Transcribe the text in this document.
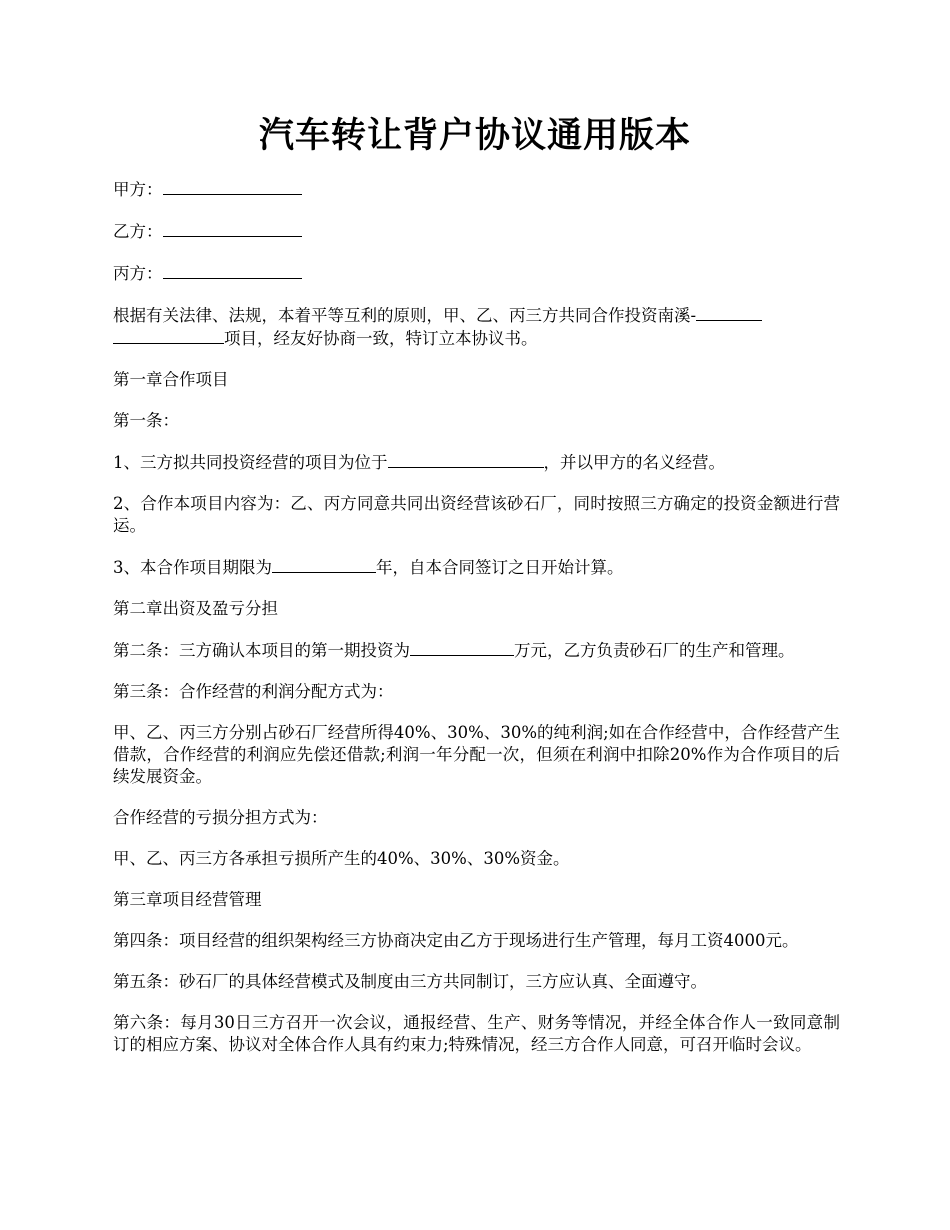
汽车转让背户协议通用版本

甲方：

乙方：

丙方：

根据有关法律、法规，本着平等互利的原则，甲、乙、丙三方共同合作投资南溪-
项目，经友好协商一致，特订立本协议书。

第一章合作项目

第一条：

1、三方拟共同投资经营的项目为位于	，并以甲方的名义经营。

2、合作本项目内容为：乙、丙方同意共同出资经营该砂石厂，同时按照三方确定的投资金额进行营运。

3、本合作项目期限为	年，自本合同签订之日开始计算。

第二章出资及盈亏分担

第二条：三方确认本项目的第一期投资为	万元，乙方负责砂石厂的生产和管理。

第三条：合作经营的利润分配方式为：

甲、乙、丙三方分别占砂石厂经营所得40%、30%、30%的纯利润;如在合作经营中，合作经营产生借款，合作经营的利润应先偿还借款;利润一年分配一次，但须在利润中扣除20%作为合作项目的后续发展资金。

合作经营的亏损分担方式为：

甲、乙、丙三方各承担亏损所产生的40%、30%、30%资金。

第三章项目经营管理

第四条：项目经营的组织架构经三方协商决定由乙方于现场进行生产管理，每月工资4000元。

第五条：砂石厂的具体经营模式及制度由三方共同制订，三方应认真、全面遵守。

第六条：每月30日三方召开一次会议，通报经营、生产、财务等情况，并经全体合作人一致同意制订的相应方案、协议对全体合作人具有约束力;特殊情况，经三方合作人同意，可召开临时会议。
